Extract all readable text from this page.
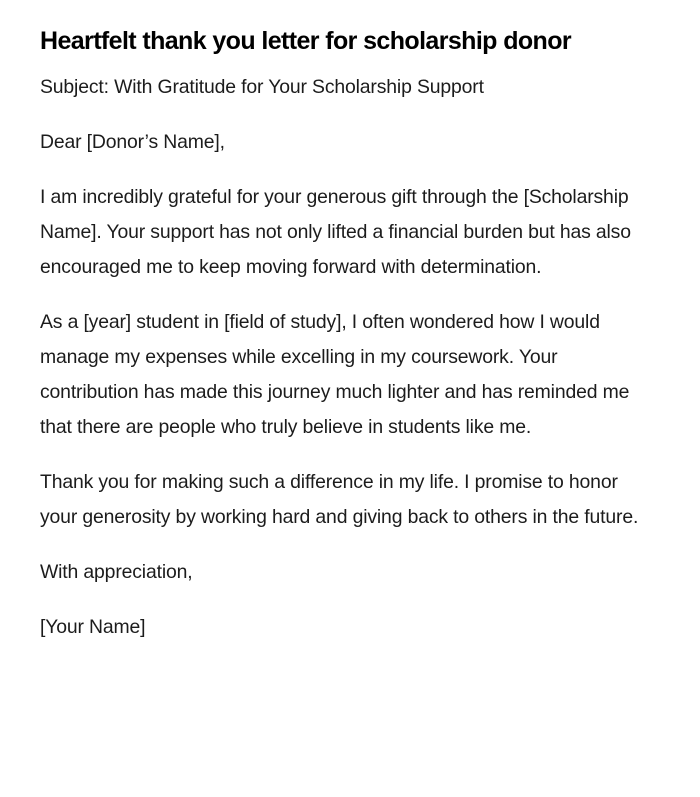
Heartfelt thank you letter for scholarship donor

Subject: With Gratitude for Your Scholarship Support

Dear [Donor’s Name],

I am incredibly grateful for your generous gift through the [Scholarship Name]. Your support has not only lifted a financial burden but has also encouraged me to keep moving forward with determination.

As a [year] student in [field of study], I often wondered how I would manage my expenses while excelling in my coursework. Your contribution has made this journey much lighter and has reminded me that there are people who truly believe in students like me.

Thank you for making such a difference in my life. I promise to honor your generosity by working hard and giving back to others in the future.

With appreciation,

[Your Name]
